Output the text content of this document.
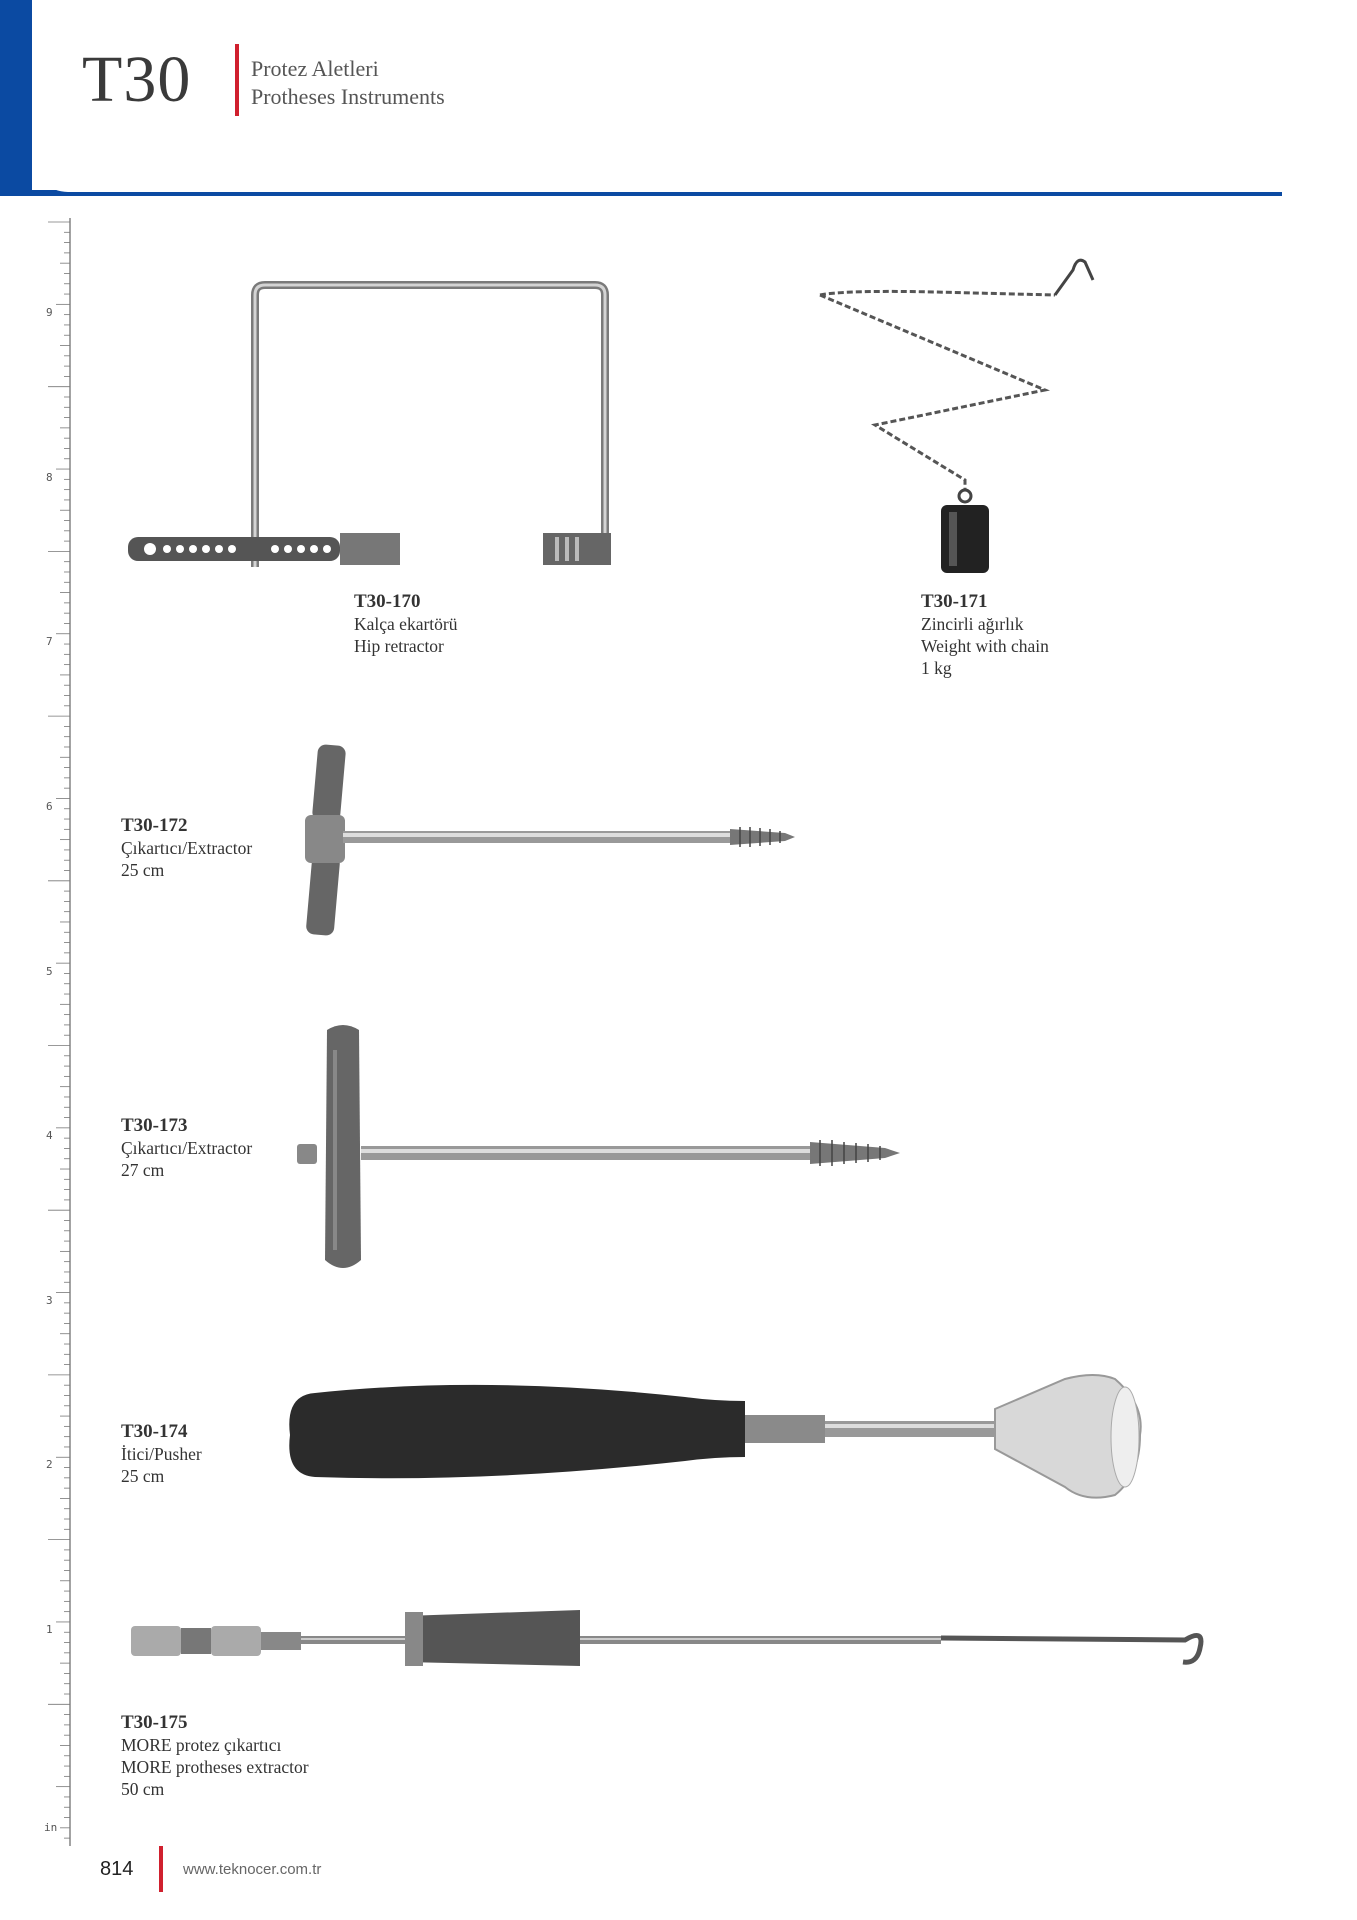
T30	Protez Aletleri
Protheses Instruments
9
8
7
6
5
4
3
2
1
in
T30-170
Kalça ekartörü
Hip retractor
T30-171
Zincirli ağırlık
Weight with chain
1 kg
T30-172
Çıkartıcı/Extractor
25 cm
T30-173
Çıkartıcı/Extractor
27 cm
T30-174
İtici/Pusher
25 cm
T30-175
MORE protez çıkartıcı
MORE protheses extractor
50 cm
814	www.teknocer.com.tr
